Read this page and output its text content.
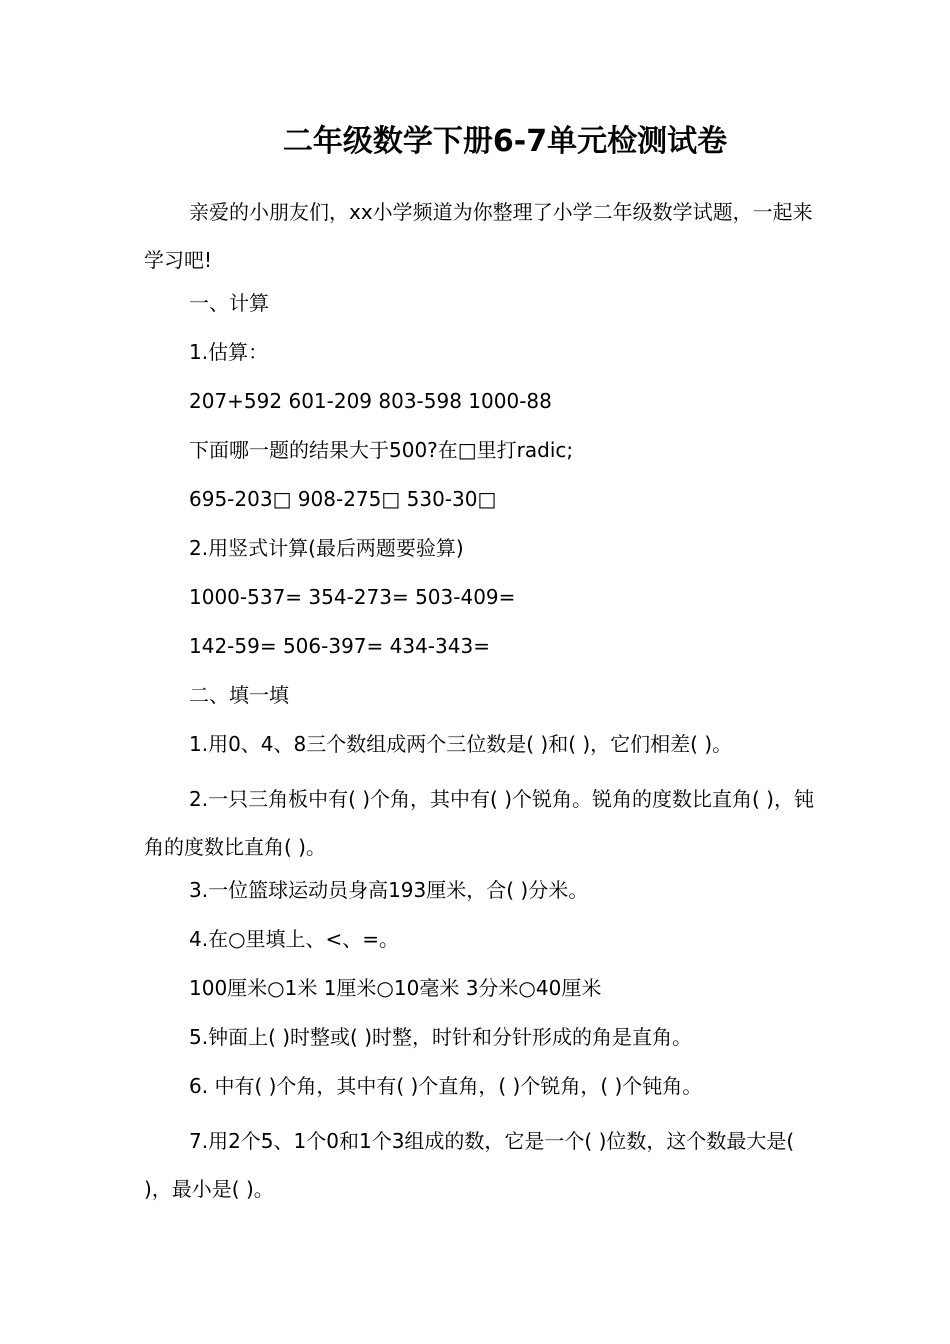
二年级数学下册6-7单元检测试卷

亲爱的小朋友们，xx小学频道为你整理了小学二年级数学试题，一起来学习吧!

一、计算

1.估算：

207+592 601-209 803-598 1000-88

下面哪一题的结果大于500?在□里打radic;

695-203□ 908-275□ 530-30□

2.用竖式计算(最后两题要验算)

1000-537= 354-273= 503-409=

142-59= 506-397= 434-343=

二、填一填

1.用0、4、8三个数组成两个三位数是( )和( )，它们相差( )。

2.一只三角板中有( )个角，其中有( )个锐角。锐角的度数比直角( )，钝角的度数比直角( )。

3.一位篮球运动员身高193厘米，合( )分米。

4.在○里填上、<、=。

100厘米○1米 1厘米○10毫米 3分米○40厘米

5.钟面上( )时整或( )时整，时针和分针形成的角是直角。

6. 中有( )个角，其中有( )个直角，( )个锐角，( )个钝角。

7.用2个5、1个0和1个3组成的数，它是一个( )位数，这个数最大是( )，最小是( )。
